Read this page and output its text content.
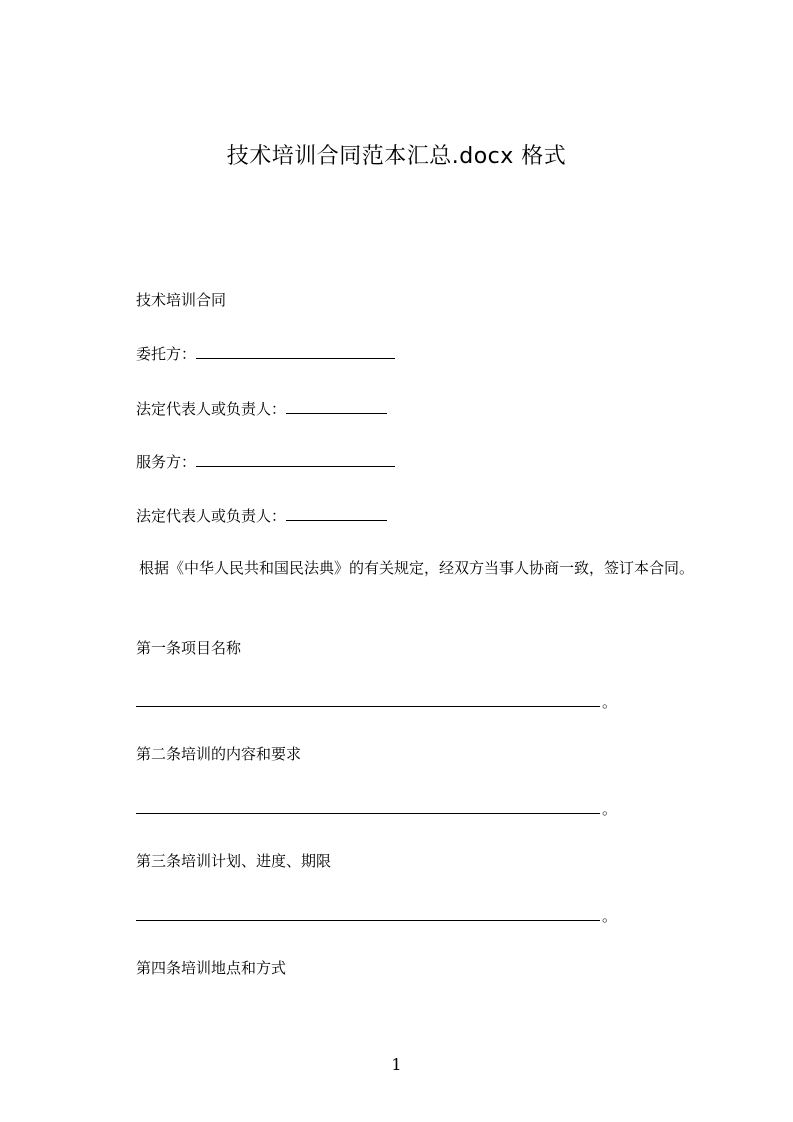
技术培训合同范本汇总.docx 格式
技术培训合同
委托方：
法定代表人或负责人：
服务方：
法定代表人或负责人：
根据《中华人民共和国民法典》的有关规定，经双方当事人协商一致，签订本合同。
第一条项目名称
。
第二条培训的内容和要求
。
第三条培训计划、进度、期限
。
第四条培训地点和方式
1
